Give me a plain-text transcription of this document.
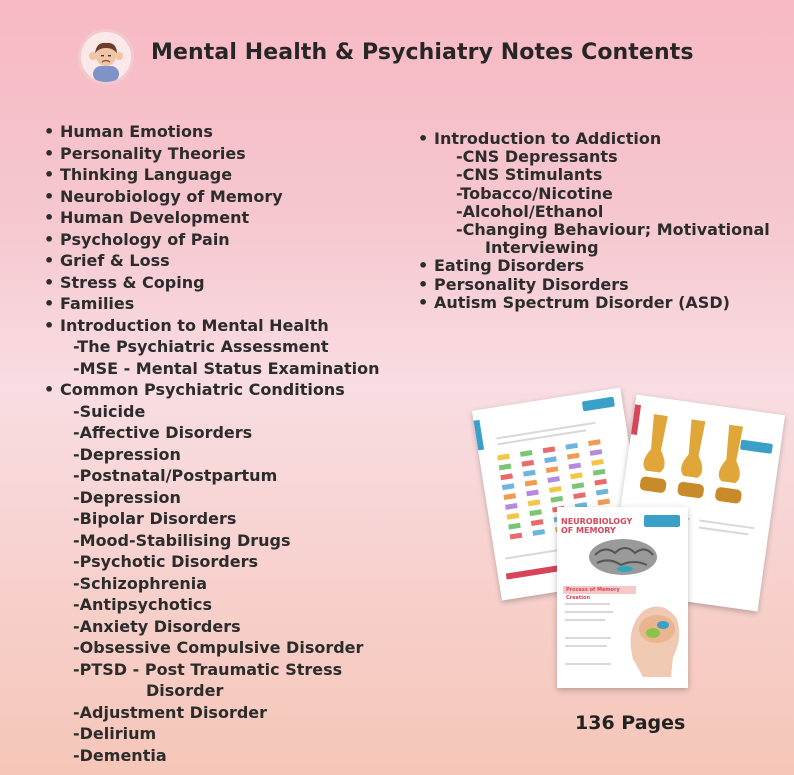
Mental Health & Psychiatry Notes Contents
• Human Emotions
• Personality Theories
• Thinking Language
• Neurobiology of Memory
• Human Development
• Psychology of Pain
• Grief & Loss
• Stress & Coping
• Families
• Introduction to Mental Health
-The Psychiatric Assessment
-MSE - Mental Status Examination
• Common Psychiatric Conditions
-Suicide
-Affective Disorders
-Depression
-Postnatal/Postpartum
-Depression
-Bipolar Disorders
-Mood-Stabilising Drugs
-Psychotic Disorders
-Schizophrenia
-Antipsychotics
-Anxiety Disorders
-Obsessive Compulsive Disorder
-PTSD - Post Traumatic Stress
Disorder
-Adjustment Disorder
-Delirium
-Dementia
• Introduction to Addiction
-CNS Depressants
-CNS Stimulants
-Tobacco/Nicotine
-Alcohol/Ethanol
-Changing Behaviour; Motivational
Interviewing
• Eating Disorders
• Personality Disorders
• Autism Spectrum Disorder (ASD)
NEUROBIOLOGY OF MEMORY
Process of Memory Creation
136 Pages
